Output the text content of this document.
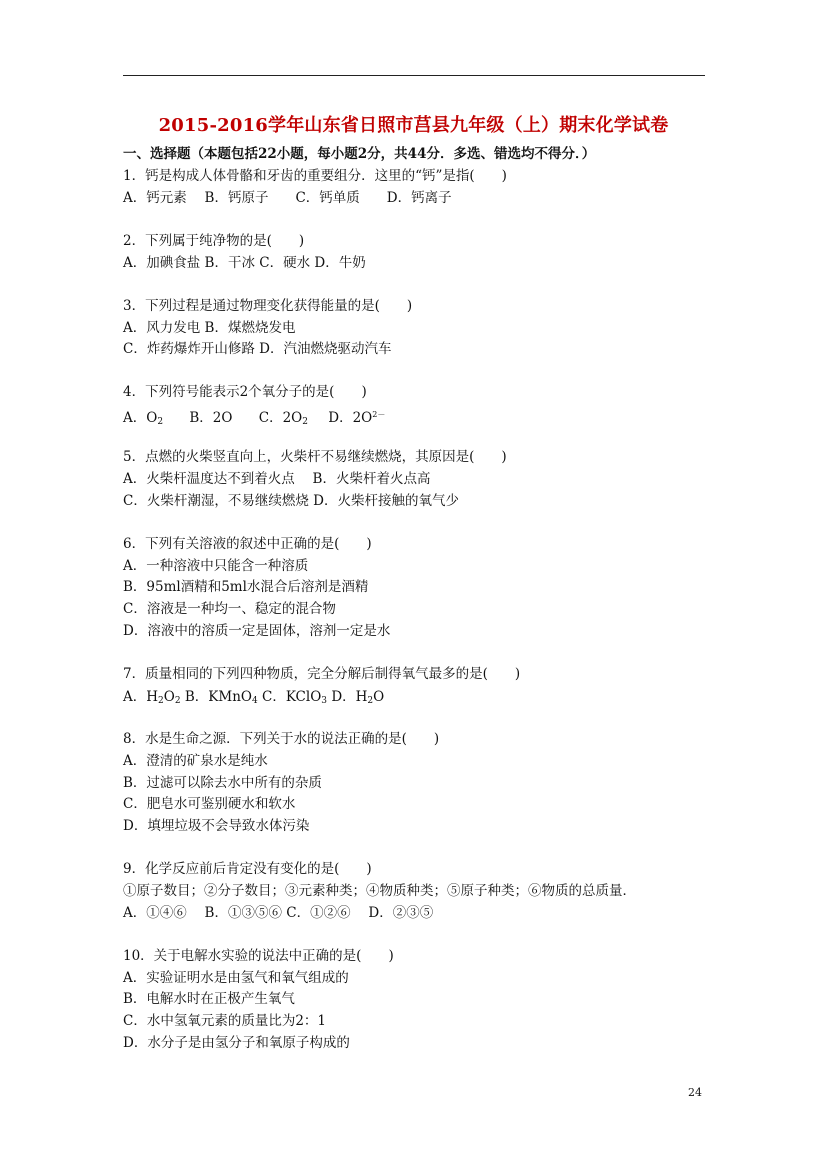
2015-2016学年山东省日照市莒县九年级（上）期末化学试卷
一、选择题（本题包括22小题，每小题2分，共44分．多选、错选均不得分．）
1．钙是构成人体骨骼和牙齿的重要组分．这里的“钙”是指(　　)
A．钙元素　 B．钙原子　　C．钙单质　　D．钙离子
2．下列属于纯净物的是(　　)
A．加碘食盐 B．干冰 C．硬水 D．牛奶
3．下列过程是通过物理变化获得能量的是(　　)
A．风力发电 B．煤燃烧发电
C．炸药爆炸开山修路 D．汽油燃烧驱动汽车
4．下列符号能表示2个氧分子的是(　　)
A．$O_2$ B．2O C．$2O_2$ D．$2O^{2-}$
5．点燃的火柴竖直向上，火柴杆不易继续燃烧，其原因是(　　)
A．火柴杆温度达不到着火点　 B．火柴杆着火点高
C．火柴杆潮湿，不易继续燃烧 D．火柴杆接触的氧气少
6．下列有关溶液的叙述中正确的是(　　)
A．一种溶液中只能含一种溶质
B．95ml酒精和5ml水混合后溶剂是酒精
C．溶液是一种均一、稳定的混合物
D．溶液中的溶质一定是固体，溶剂一定是水
7．质量相同的下列四种物质，完全分解后制得氧气最多的是(　　)
A．$H_2O_2$ B．KMnO$_4$ C．KClO$_3$ D．$H_2O$
8．水是生命之源．下列关于水的说法正确的是(　　)
A．澄清的矿泉水是纯水
B．过滤可以除去水中所有的杂质
C．肥皂水可鉴别硬水和软水
D．填埋垃圾不会导致水体污染
9．化学反应前后肯定没有变化的是(　　)
①原子数目；②分子数目；③元素种类；④物质种类；⑤原子种类；⑥物质的总质量．
A．①④⑥　 B．①③⑤⑥ C．①②⑥　 D．②③⑤
10．关于电解水实验的说法中正确的是(　　)
A．实验证明水是由氢气和氧气组成的
B．电解水时在正极产生氧气
C．水中氢氧元素的质量比为2：1
D．水分子是由氢分子和氧原子构成的
24
